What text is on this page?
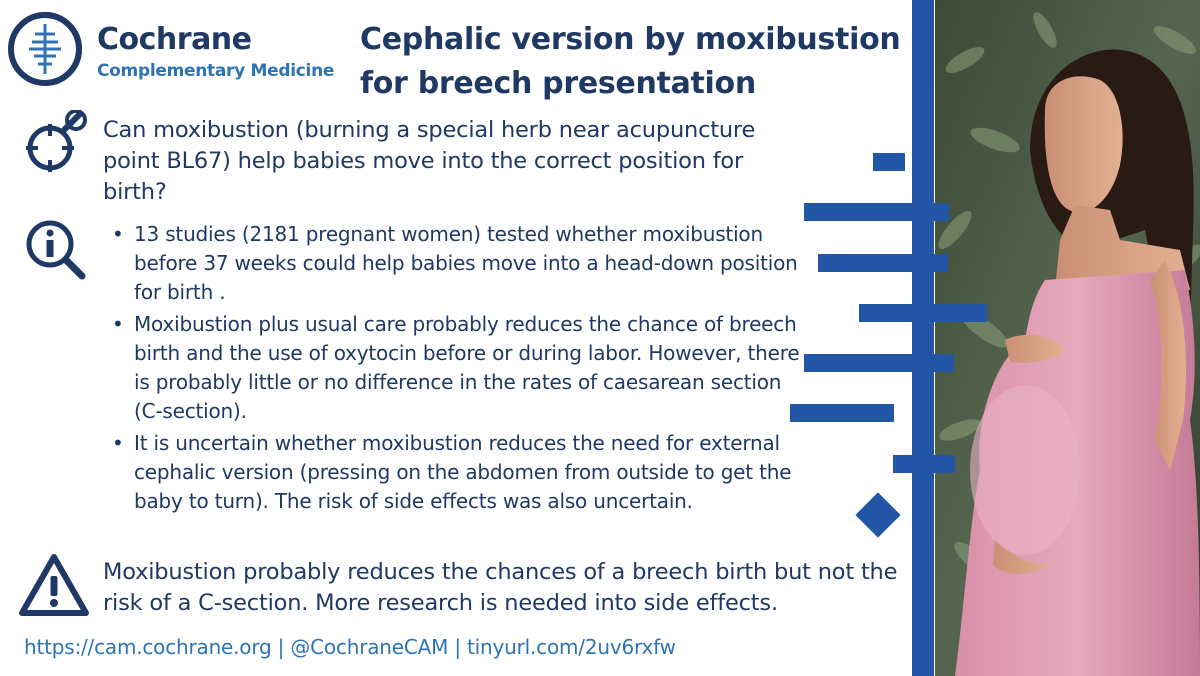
Cochrane
Complementary Medicine
Cephalic version by moxibustion for breech presentation
Can moxibustion (burning a special herb near acupuncture point BL67) help babies move into the correct position for birth?
• 13 studies (2181 pregnant women) tested whether moxibustion before 37 weeks could help babies move into a head-down position for birth .
• Moxibustion plus usual care probably reduces the chance of breech birth and the use of oxytocin before or during labor. However, there is probably little or no difference in the rates of caesarean section (C-section).
• It is uncertain whether moxibustion reduces the need for external cephalic version (pressing on the abdomen from outside to get the baby to turn). The risk of side effects was also uncertain.
Moxibustion probably reduces the chances of a breech birth but not the risk of a C-section. More research is needed into side effects.
https://cam.cochrane.org | @CochraneCAM | tinyurl.com/2uv6rxfw
